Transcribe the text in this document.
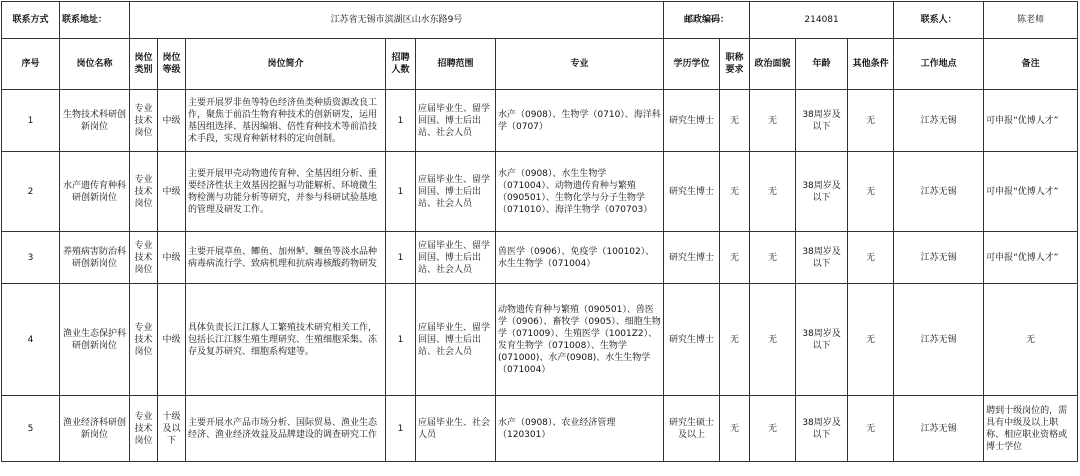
联系方式	联系地址：	江苏省无锡市滨湖区山水东路9号						邮政编码：		214081			联系人：	陈老师
序号	岗位名称	岗位类别	岗位等级	岗位简介	招聘人数	招聘范围	专业	学历学位	职称要求	政治面貌	年龄	其他条件	工作地点	备注
1	生物技术科研创新岗位	专业技术岗位	中级	主要开展罗非鱼等特色经济鱼类种质资源改良工作，聚焦于前沿生物育种技术的创新研发，运用基因组选择、基因编辑、倍性育种技术等前沿技术手段，实现育种新材料的定向创制。	1	应届毕业生、留学回国、博士后出站、社会人员	水产（0908）、生物学（0710）、海洋科学（0707）	研究生博士	无	无	38周岁及以下	无	江苏无锡	可申报“优博人才”
2	水产遗传育种科研创新岗位	专业技术岗位	中级	主要开展甲壳动物遗传育种、全基因组分析、重要经济性状主效基因挖掘与功能解析、环境微生物检测与功能分析等研究，并参与科研试验基地的管理及研发工作。	1	应届毕业生、留学回国、博士后出站、社会人员	水产（0908）、水生生物学（071004）、动物遗传育种与繁殖（090501）、生物化学与分子生物学（071010）、海洋生物学（070703）	研究生博士	无	无	38周岁及以下	无	江苏无锡	可申报“优博人才”
3	养殖病害防治科研创新岗位	专业技术岗位	中级	主要开展草鱼、鲫鱼、加州鲈、鳜鱼等淡水品种病毒病流行学、致病机理和抗病毒核酸药物研发	1	应届毕业生、留学回国、博士后出站、社会人员	兽医学（0906）、免疫学（100102）、水生生物学（071004）	研究生博士	无	无	38周岁及以下	无	江苏无锡	可申报“优博人才”
4	渔业生态保护科研创新岗位	专业技术岗位	中级	具体负责长江江豚人工繁殖技术研究相关工作，包括长江江豚生殖生理研究、生殖细胞采集、冻存及复苏研究、细胞系构建等。	1	应届毕业生、留学回国、博士后出站、社会人员	动物遗传育种与繁殖（090501）、兽医学（0906）、畜牧学（0905）、细胞生物学（071009）、生殖医学（1001Z2）、发育生物学（071008）、生物学(071000)、水产(0908)、水生生物学（071004）	研究生博士	无	无	38周岁及以下	无	江苏无锡	无
5	渔业经济科研创新岗位	专业技术岗位	十级及以下	主要开展水产品市场分析、国际贸易、渔业生态经济、渔业经济效益及品牌建设的调查研究工作	1	应届毕业生、社会人员	水产（0908）、农业经济管理（120301）	研究生硕士及以上	无	无	38周岁及以下	无	江苏无锡	聘到十级岗位的，需具有中级及以上职称、相应职业资格或博士学位
